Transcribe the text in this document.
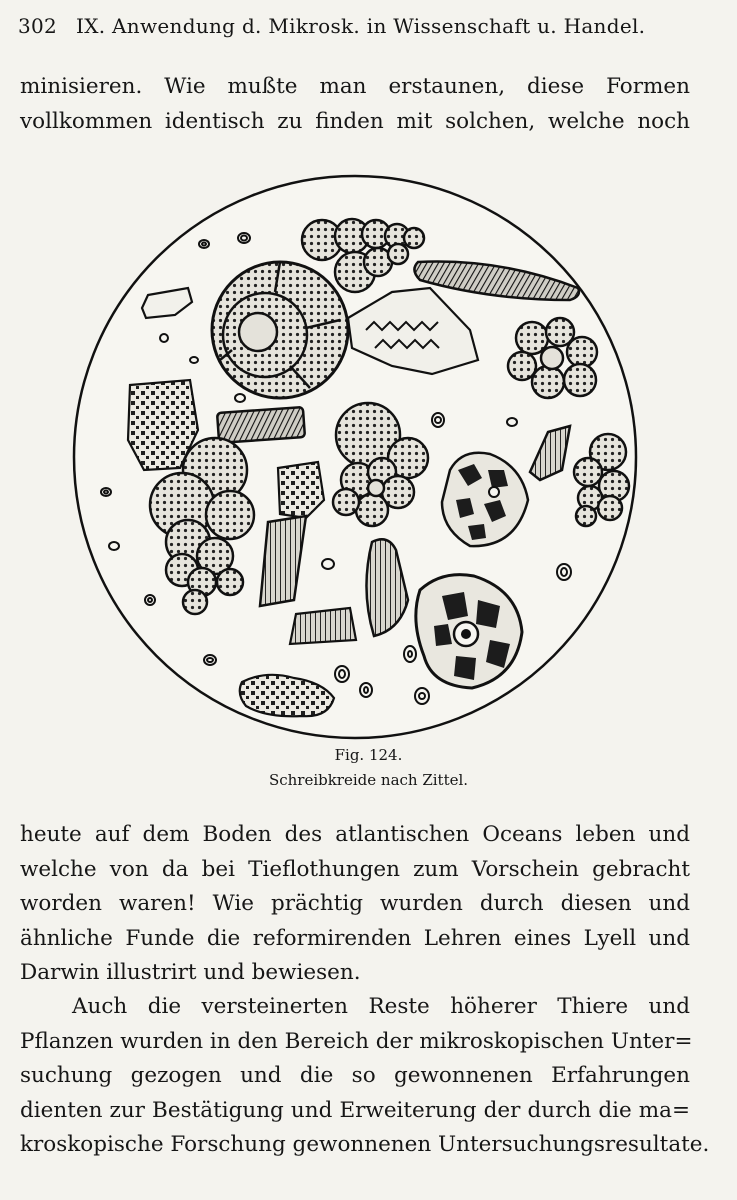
302 IX. Anwendung d. Mikrosk. in Wissenschaft u. Handel.
minisieren. Wie mußte man erstaunen, diese Formen
vollkommen identisch zu finden mit solchen, welche noch
Fig. 124.
Schreibkreide nach Zittel.
heute auf dem Boden des atlantischen Oceans leben und
welche von da bei Tieflothungen zum Vorschein gebracht
worden waren! Wie prächtig wurden durch diesen und
ähnliche Funde die reformirenden Lehren eines Lyell und
Darwin illustrirt und bewiesen.
Auch die versteinerten Reste höherer Thiere und
Pflanzen wurden in den Bereich der mikroskopischen Unter=
suchung gezogen und die so gewonnenen Erfahrungen
dienten zur Bestätigung und Erweiterung der durch die ma=
kroskopische Forschung gewonnenen Untersuchungsresultate.
